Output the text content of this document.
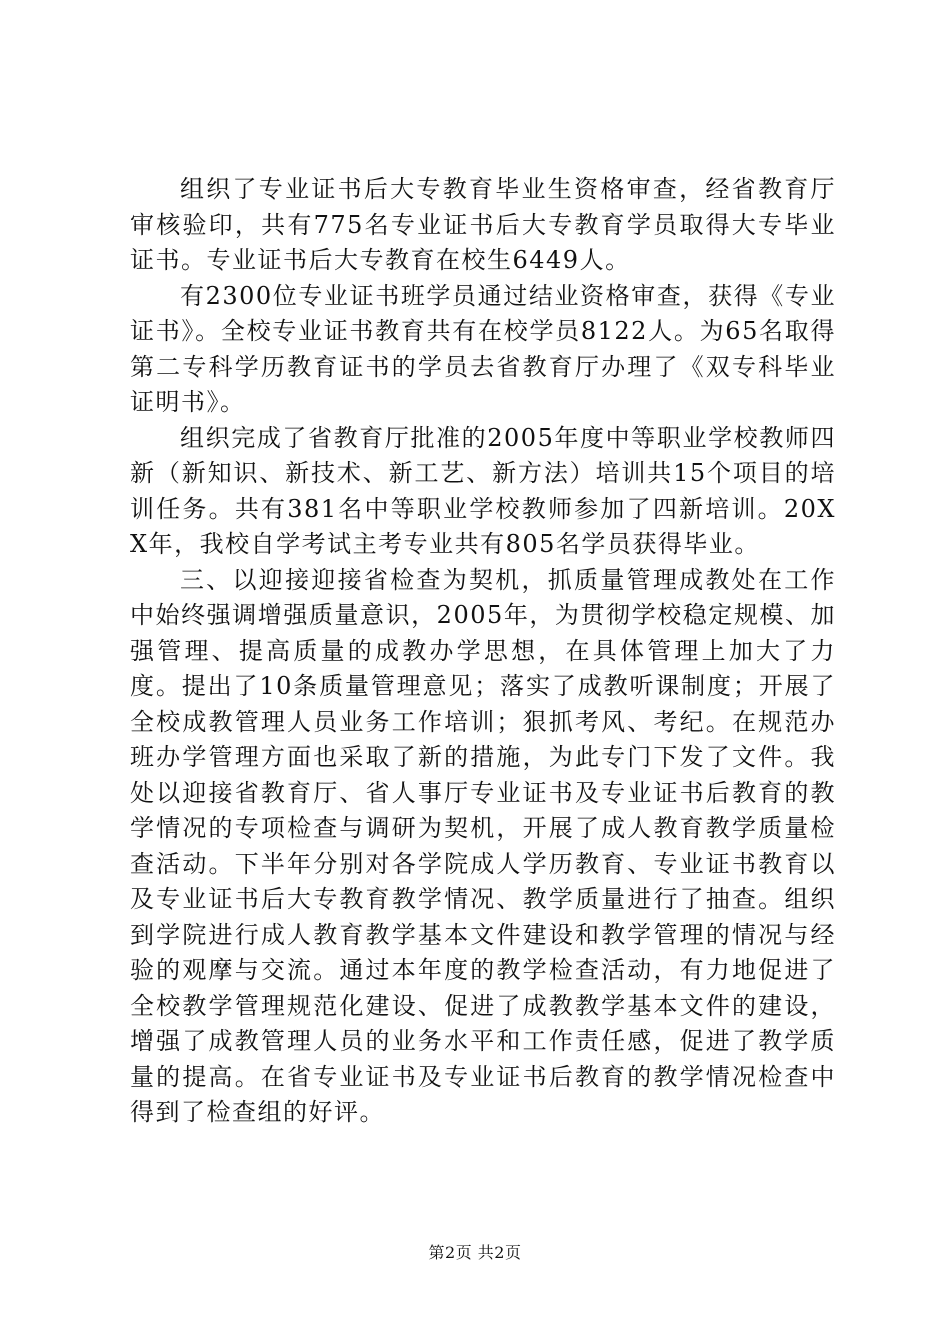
组织了专业证书后大专教育毕业生资格审查，经省教育厅审核验印，共有775名专业证书后大专教育学员取得大专毕业证书。专业证书后大专教育在校生6449人。

有2300位专业证书班学员通过结业资格审查，获得《专业证书》。全校专业证书教育共有在校学员8122人。为65名取得第二专科学历教育证书的学员去省教育厅办理了《双专科毕业证明书》。

组织完成了省教育厅批准的2005年度中等职业学校教师四新（新知识、新技术、新工艺、新方法）培训共15个项目的培训任务。共有381名中等职业学校教师参加了四新培训。20XX年，我校自学考试主考专业共有805名学员获得毕业。

三、以迎接迎接省检查为契机，抓质量管理成教处在工作中始终强调增强质量意识，2005年，为贯彻学校稳定规模、加强管理、提高质量的成教办学思想，在具体管理上加大了力度。提出了10条质量管理意见；落实了成教听课制度；开展了全校成教管理人员业务工作培训；狠抓考风、考纪。在规范办班办学管理方面也采取了新的措施，为此专门下发了文件。我处以迎接省教育厅、省人事厅专业证书及专业证书后教育的教学情况的专项检查与调研为契机，开展了成人教育教学质量检查活动。下半年分别对各学院成人学历教育、专业证书教育以及专业证书后大专教育教学情况、教学质量进行了抽查。组织到学院进行成人教育教学基本文件建设和教学管理的情况与经验的观摩与交流。通过本年度的教学检查活动，有力地促进了全校教学管理规范化建设、促进了成教教学基本文件的建设，增强了成教管理人员的业务水平和工作责任感，促进了教学质量的提高。在省专业证书及专业证书后教育的教学情况检查中得到了检查组的好评。

第2页 共2页
